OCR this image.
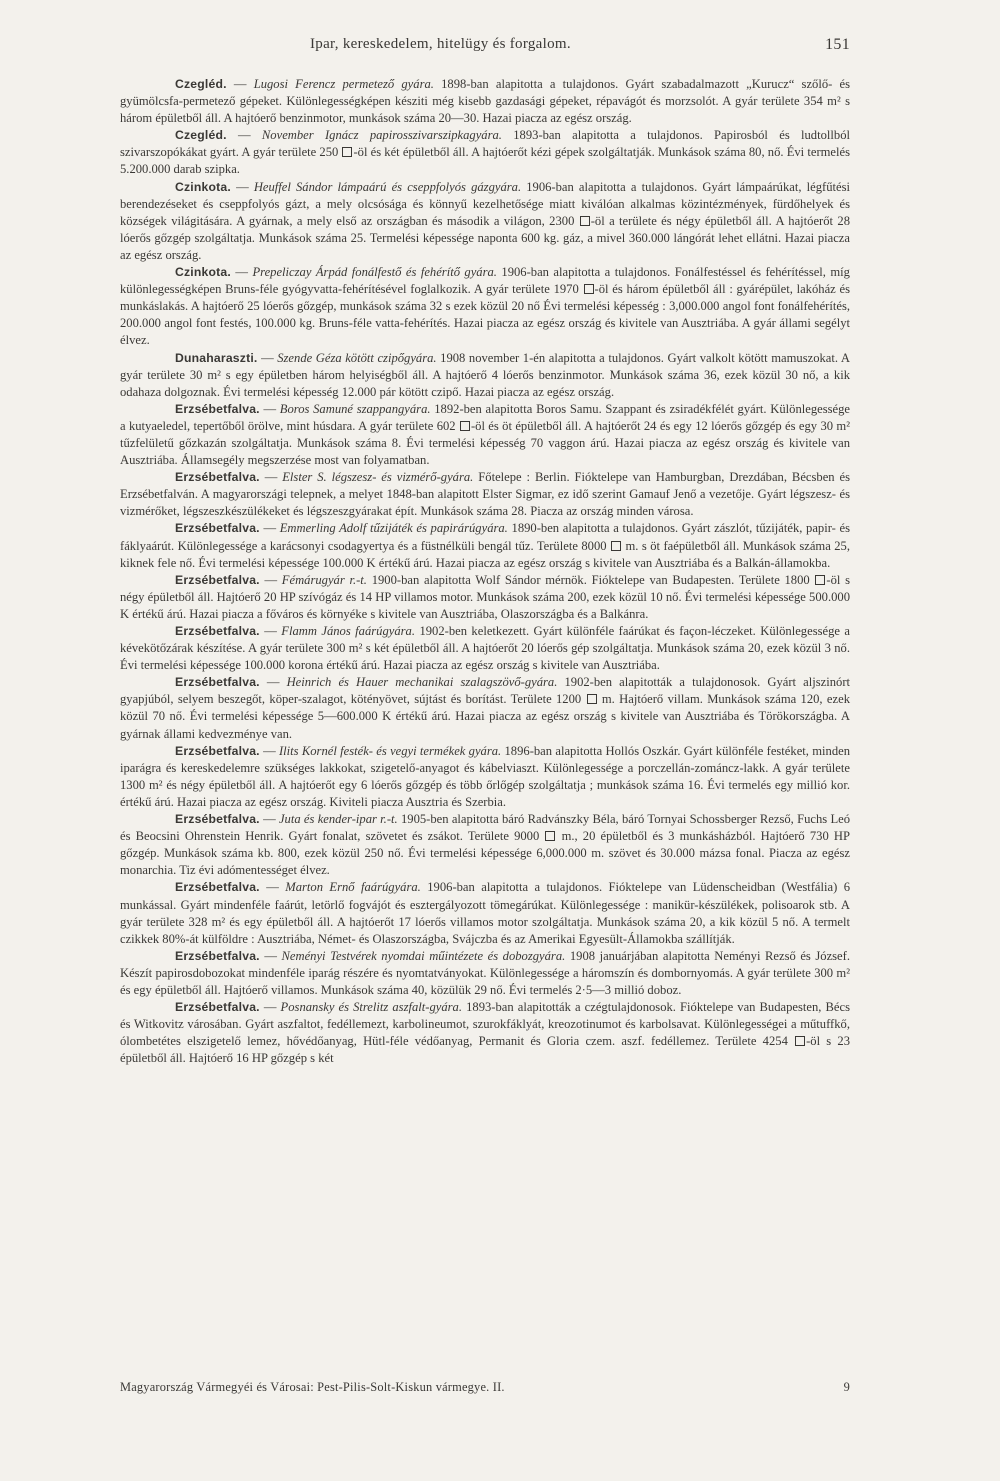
Ipar, kereskedelem, hitelügy és forgalom.	151

Czegléd. — Lugosi Ferencz permetező gyára. 1898-ban alapitotta a tulajdonos. Gyárt szabadalmazott „Kurucz“ szőlő- és gyümölcsfa-permetező gépeket. Különlegességképen késziti még kisebb gazdasági gépeket, répavágót és morzsolót. A gyár területe 354 m² s három épületből áll. A hajtóerő benzinmotor, munkások száma 20—30. Hazai piacza az egész ország.

Czegléd. — November Ignácz papirosszivarszipkagyára. 1893-ban alapitotta a tulajdonos. Papirosból és ludtollból szivarszopókákat gyárt. A gyár területe 250 -öl és két épületből áll. A hajtóerőt kézi gépek szolgáltatják. Munkások száma 80, nő. Évi termelés 5.200.000 darab szipka.

Czinkota. — Heuffel Sándor lámpaárú és cseppfolyós gázgyára. 1906-ban alapitotta a tulajdonos. Gyárt lámpaárúkat, légfűtési berendezéseket és cseppfolyós gázt, a mely olcsósága és könnyű kezelhetősége miatt kiválóan alkalmas közintézmények, fürdőhelyek és községek világitására. A gyárnak, a mely első az országban és második a világon, 2300 -öl a területe és négy épületből áll. A hajtóerőt 28 lóerős gőzgép szolgáltatja. Munkások száma 25. Termelési képessége naponta 600 kg. gáz, a mivel 360.000 lángórát lehet ellátni. Hazai piacza az egész ország.

Czinkota. — Prepeliczay Árpád fonálfestő és fehérítő gyára. 1906-ban alapitotta a tulajdonos. Fonálfestéssel és fehérítéssel, míg különlegességképen Bruns-féle gyógyvatta-fehérítésével foglalkozik. A gyár területe 1970 -öl és három épületből áll : gyárépület, lakóház és munkáslakás. A hajtóerő 25 lóerős gőzgép, munkások száma 32 s ezek közül 20 nő Évi termelési képesség : 3,000.000 angol font fonálfehérítés, 200.000 angol font festés, 100.000 kg. Bruns-féle vatta-fehérítés. Hazai piacza az egész ország és kivitele van Ausztriába. A gyár állami segélyt élvez.

Dunaharaszti. — Szende Géza kötött czipőgyára. 1908 november 1-én alapitotta a tulajdonos. Gyárt valkolt kötött mamuszokat. A gyár területe 30 m² s egy épületben három helyiségből áll. A hajtóerő 4 lóerős benzinmotor. Munkások száma 36, ezek közül 30 nő, a kik odahaza dolgoznak. Évi termelési képesség 12.000 pár kötött czipő. Hazai piacza az egész ország.

Erzsébetfalva. — Boros Samuné szappangyára. 1892-ben alapitotta Boros Samu. Szappant és zsiradékfélét gyárt. Különlegessége a kutyaeledel, tepertőből örölve, mint húsdara. A gyár területe 602 -öl és öt épületből áll. A hajtóerőt 24 és egy 12 lóerős gőzgép és egy 30 m² tűzfelületű gőzkazán szolgáltatja. Munkások száma 8. Évi termelési képesség 70 vaggon árú. Hazai piacza az egész ország és kivitele van Ausztriába. Államsegély megszerzése most van folyamatban.

Erzsébetfalva. — Elster S. légszesz- és vizmérő-gyára. Főtelepe : Berlin. Fióktelepe van Hamburgban, Drezdában, Bécsben és Erzsébetfalván. A magyarországi telepnek, a melyet 1848-ban alapitott Elster Sigmar, ez idő szerint Gamauf Jenő a vezetője. Gyárt légszesz- és vizmérőket, légszeszkészülékeket és légszeszgyárakat épít. Munkások száma 28. Piacza az ország minden városa.

Erzsébetfalva. — Emmerling Adolf tűzijáték és papirárúgyára. 1890-ben alapitotta a tulajdonos. Gyárt zászlót, tűzijáték, papir- és fáklyaárút. Különlegessége a karácsonyi csodagyertya és a füstnélküli bengál tűz. Területe 8000  m. s öt faépületből áll. Munkások száma 25, kiknek fele nő. Évi termelési képessége 100.000 K értékű árú. Hazai piacza az egész ország s kivitele van Ausztriába és a Balkán-államokba.

Erzsébetfalva. — Fémárugyár r.-t. 1900-ban alapitotta Wolf Sándor mérnök. Fióktelepe van Budapesten. Területe 1800 -öl s négy épületből áll. Hajtóerő 20 HP szívógáz és 14 HP villamos motor. Munkások száma 200, ezek közül 10 nő. Évi termelési képessége 500.000 K értékű árú. Hazai piacza a főváros és környéke s kivitele van Ausztriába, Olaszországba és a Balkánra.

Erzsébetfalva. — Flamm János faárúgyára. 1902-ben keletkezett. Gyárt különféle faárúkat és façon-léczeket. Különlegessége a kévekötőzárak készítése. A gyár területe 300 m² s két épületből áll. A hajtóerőt 20 lóerős gép szolgáltatja. Munkások száma 20, ezek közül 3 nő. Évi termelési képessége 100.000 korona értékű árú. Hazai piacza az egész ország s kivitele van Ausztriába.

Erzsébetfalva. — Heinrich és Hauer mechanikai szalagszövő-gyára. 1902-ben alapitották a tulajdonosok. Gyárt aljszinórt gyapjúból, selyem beszegőt, köper-szalagot, kötényövet, sújtást és borítást. Területe 1200  m. Hajtóerő villam. Munkások száma 120, ezek közül 70 nő. Évi termelési képessége 5—600.000 K értékű árú. Hazai piacza az egész ország s kivitele van Ausztriába és Törökországba. A gyárnak állami kedvezménye van.

Erzsébetfalva. — Ilits Kornél festék- és vegyi termékek gyára. 1896-ban alapitotta Hollós Oszkár. Gyárt különféle festéket, minden iparágra és kereskedelemre szükséges lakkokat, szigetelő-anyagot és kábelviaszt. Különlegessége a porczellán-zománcz-lakk. A gyár területe 1300 m² és négy épületből áll. A hajtóerőt egy 6 lóerős gőzgép és több őrlőgép szolgáltatja ; munkások száma 16. Évi termelés egy millió kor. értékű árú. Hazai piacza az egész ország. Kiviteli piacza Ausztria és Szerbia.

Erzsébetfalva. — Juta és kender-ipar r.-t. 1905-ben alapitotta báró Radvánszky Béla, báró Tornyai Schossberger Rezső, Fuchs Leó és Beocsini Ohrenstein Henrik. Gyárt fonalat, szövetet és zsákot. Területe 9000  m., 20 épületből és 3 munkásházból. Hajtóerő 730 HP gőzgép. Munkások száma kb. 800, ezek közül 250 nő. Évi termelési képessége 6,000.000 m. szövet és 30.000 mázsa fonal. Piacza az egész monarchia. Tiz évi adómentességet élvez.

Erzsébetfalva. — Marton Ernő faárúgyára. 1906-ban alapitotta a tulajdonos. Fióktelepe van Lüdenscheidban (Westfália) 6 munkással. Gyárt mindenféle faárút, letörlő fogvájót és esztergályozott tömegárúkat. Különlegessége : manikür-készülékek, polisoarok stb. A gyár területe 328 m² és egy épületből áll. A hajtóerőt 17 lóerős villamos motor szolgáltatja. Munkások száma 20, a kik közül 5 nő. A termelt czikkek 80%-át külföldre : Ausztriába, Német- és Olaszországba, Svájczba és az Amerikai Egyesült-Államokba szállítják.

Erzsébetfalva. — Neményi Testvérek nyomdai műintézete és dobozgyára. 1908 januárjában alapitotta Neményi Rezső és József. Készít papirosdobozokat mindenféle iparág részére és nyomtatványokat. Különlegessége a háromszín és dombornyomás. A gyár területe 300 m² és egy épületből áll. Hajtóerő villamos. Munkások száma 40, közülük 29 nő. Évi termelés 2·5—3 millió doboz.

Erzsébetfalva. — Posnansky és Strelitz aszfalt-gyára. 1893-ban alapitották a czégtulajdonosok. Fióktelepe van Budapesten, Bécs és Witkovitz városában. Gyárt aszfaltot, fedéllemezt, karbolineumot, szurokfáklyát, kreozotinumot és karbolsavat. Különlegességei a műtuffkő, ólombetétes elszigetelő lemez, hővédőanyag, Hütl-féle védőanyag, Permanit és Gloria czem. aszf. fedéllemez. Területe 4254 -öl s 23 épületből áll. Hajtóerő 16 HP gőzgép s két

Magyarország Vármegyéi és Városai: Pest-Pilis-Solt-Kiskun vármegye. II.	9
